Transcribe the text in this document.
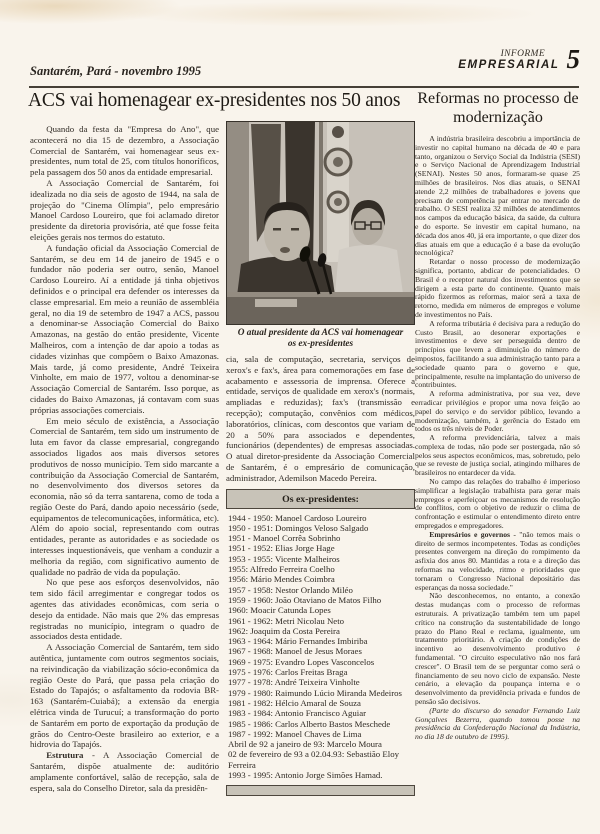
Santarém, Pará - novembro 1995
INFORME
EMPRESARIAL 5
ACS vai homenagear ex-presidentes nos 50 anos	Reformas no processo de modernização

Quando da festa da "Empresa do Ano", que acontecerá no dia 15 de dezembro, a Associação Comercial de Santarém, vai homenagear seus ex-presidentes, num total de 25, com títulos honoríficos, pela passagem dos 50 anos da entidade empresarial.

A Associação Comercial de Santarém, foi idealizada no dia seis de agosto de 1944, na sala de projeção do "Cinema Olímpia", pelo empresário Manoel Cardoso Loureiro, que foi aclamado diretor presidente da diretoria provisória, até que fosse feita eleições gerais nos termos do estatuto.

A fundação oficial da Associação Comercial de Santarém, se deu em 14 de janeiro de 1945 e o fundador não poderia ser outro, senão, Manoel Cardoso Loureiro. Aí a entidade já tinha objetivos definidos e o principal era defender os interesses da classe empresarial. Em meio a reunião de assembléia geral, no dia 19 de setembro de 1947 a ACS, passou a denominar-se Associação Comercial do Baixo Amazonas, na gestão do então presidente, Vicente Malheiros, com a intenção de dar apoio a todas as cidades vizinhas que compõem o Baixo Amazonas. Mais tarde, já como presidente, André Teixeira Vinholte, em maio de 1977, voltou a denominar-se Associação Comercial de Santarém. Isso porque, as cidades do Baixo Amazonas, já contavam com suas próprias associações comerciais.

Em meio século de existência, a Associação Comercial de Santarém, tem sido um instrumento de luta em favor da classe empresarial, congregando associados ligados aos mais diversos setores produtivos de nosso município. Tem sido marcante a contribuição da Associação Comercial de Santarém, no desenvolvimento dos diversos setores da economia, não só da terra santarena, como de toda a região Oeste do Pará, dando apoio necessário (sede, equipamentos de telecomunicações, informática, etc). Além do apoio social, representando com outras entidades, perante as autoridades e as sociedade os interesses inquestionáveis, que venham a conduzir a melhoria da região, com significativo aumento de qualidade no padrão de vida da população.

No que pese aos esforços desenvolvidos, não tem sido fácil arregimentar e congregar todos os agentes das atividades econômicas, com seria o desejo da entidade. Não mais que 2% das empresas registradas no município, integram o quadro de associados desta entidade.

A Associação Comercial de Santarém, tem sido autêntica, juntamente com outros segmentos sociais, na reivindicação da viabilização sócio-econômica da região Oeste do Pará, que passa pela criação do Estado do Tapajós; o asfaltamento da rodovia BR-163 (Santarém-Cuiabá); a extensão da energia elétrica vinda de Turucuí; a transformação do porto de Santarém em porto de exportação da produção de grãos do Centro-Oeste brasileiro ao exterior, e a hidrovia do Tapajós.

Estrutura - A Associação Comercial de Santarém, dispõe atualmente de: auditório amplamente confortável, salão de recepção, sala de espera, sala do Conselho Diretor, sala da presidên-

O atual presidente da ACS vai homenagear os ex-presidentes

cia, sala de computação, secretaria, serviços de xerox's e fax's, área para comemorações em fase de acabamento e assessoria de imprensa. Oferece a entidade, serviços de qualidade em xerox's (normais, ampliadas e reduzidas); fax's (transmissão e recepção); computação, convênios com médicos, laboratórios, clínicas, com descontos que variam de 20 a 50% para associados e dependentes, funcionários (dependentes) de empresas associadas. O atual diretor-presidente da Associação Comercial de Santarém, é o empresário de comunicação, administrador, Ademilson Macedo Pereira.

Os ex-presidentes:
1944 - 1950: Manoel Cardoso Loureiro
1950 - 1951: Domingos Veloso Salgado
1951 - Manoel Corrêa Sobrinho
1951 - 1952: Elias Jorge Hage
1953 - 1955: Vicente Malheiros
1955: Alfredo Ferreira Coelho
1956: Mário Mendes Coimbra
1957 - 1958: Nestor Orlando Miléo
1959 - 1960: João Otaviano de Matos Filho
1960: Moacir Catunda Lopes
1961 - 1962: Metri Nicolau Neto
1962: Joaquim da Costa Pereira
1963 - 1964: Mário Fernandes Imbiriba
1967 - 1968: Manoel de Jesus Moraes
1969 - 1975: Evandro Lopes Vasconcelos
1975 - 1976: Carlos Freitas Braga
1977 - 1978: André Teixeira Vinholte
1979 - 1980: Raimundo Lúcio Miranda Medeiros
1981 - 1982: Hélcio Amaral de Souza
1983 - 1984: Antonio Francisco Aguiar
1985 - 1986: Carlos Alberto Bastos Meschede
1987 - 1992: Manoel Chaves de Lima
Abril de 92 a janeiro de 93: Marcelo Moura
02 de fevereiro de 93 a 02.04.93: Sebastião Eloy Ferreira
1993 - 1995: Antonio Jorge Simões Hamad.

A indústria brasileira descobriu a importância de investir no capital humano na década de 40 e para tanto, organizou o Serviço Social da Indústria (SESI) e o Serviço Nacional de Aprendizagem Industrial (SENAI). Nestes 50 anos, formaram-se quase 25 milhões de brasileiros. Nos dias atuais, o SENAI atende 2,2 milhões de trabalhadores e jovens que precisam de competência par entrar no mercado de trabalho. O SESI realiza 32 milhões de atendimentos nos campos da educação básica, da saúde, da cultura e do esporte. Se investir em capital humano, na década dos anos 40, já era importante, o que dizer dos dias atuais em que a educação é a base da evolução tecnológica?

Retardar o nosso processo de modernização significa, portanto, abdicar de potencialidades. O Brasil é o receptor natural dos investimentos que se dirigem a esta parte do continente. Quanto mais rápido fizermos as reformas, maior será a taxa de retorno, medida em números de empregos e volume de investimentos no País.

A reforma tributária é decisiva para a redução do Custo Brasil, ao desonerar exportações e investimentos e deve ser perseguida dentro de princípios que levem a diminuição do número de impostos, facilitando a sua administração tanto para a sociedade quanto para o governo e que, principalmente, resulte na implantação do universo de contribuintes.

A reforma administrativa, por sua vez, deve erradicar privilégios e propor uma nova feição ao papel do serviço e do servidor público, levando a modernização, também, à gerência do Estado em todos os três níveis de Poder.

A reforma previdenciária, talvez a mais complexa de todas, não pode ser postergada, não só pelos seus aspectos econômicos, mas, sobretudo, pelo que se reveste de justiça social, atingindo milhares de brasileiros no entardecer da vida.

No campo das relações do trabalho é imperioso simplificar a legislação trabalhista para gerar mais empregos e aperfeiçoar os mecanismos de resolução de conflitos, com o objetivo de reduzir o clima de confrontação e estimular o entendimento direto entre empregados e empregadores.

Empresários e governos - "não temos mais o direito de sermos incompetentes. Todas as condições presentes convergem na direção do rompimento da asfixia dos anos 80. Mantidas a rota e a direção das reformas na velocidade, ritmo e prioridades que tornaram o Congresso Nacional depositário das esperanças da nossa sociedade."

Não desconhecemos, no entanto, a conexão destas mudanças com o processo de reformas estruturais. A privatização também tem um papel crítico na construção da sustentabilidade de longo prazo do Plano Real e reclama, igualmente, um tratamento prioritário. A criação de condições de incentivo ao desenvolvimento produtivo é fundamental. "O circuito especulativo não nos fará crescer". O Brasil tem de se perguntar como será o financiamento de seu novo ciclo de expansão. Neste cenário, a elevação da poupança interna e o desenvolvimento da previdência privada e fundos de pensão são decisivos.

(Parte do discurso do senador Fernando Luiz Gonçalves Bezerra, quando tomou posse na presidência da Confederação Nacional da Indústria, no dia 18 de outubro de 1995).
